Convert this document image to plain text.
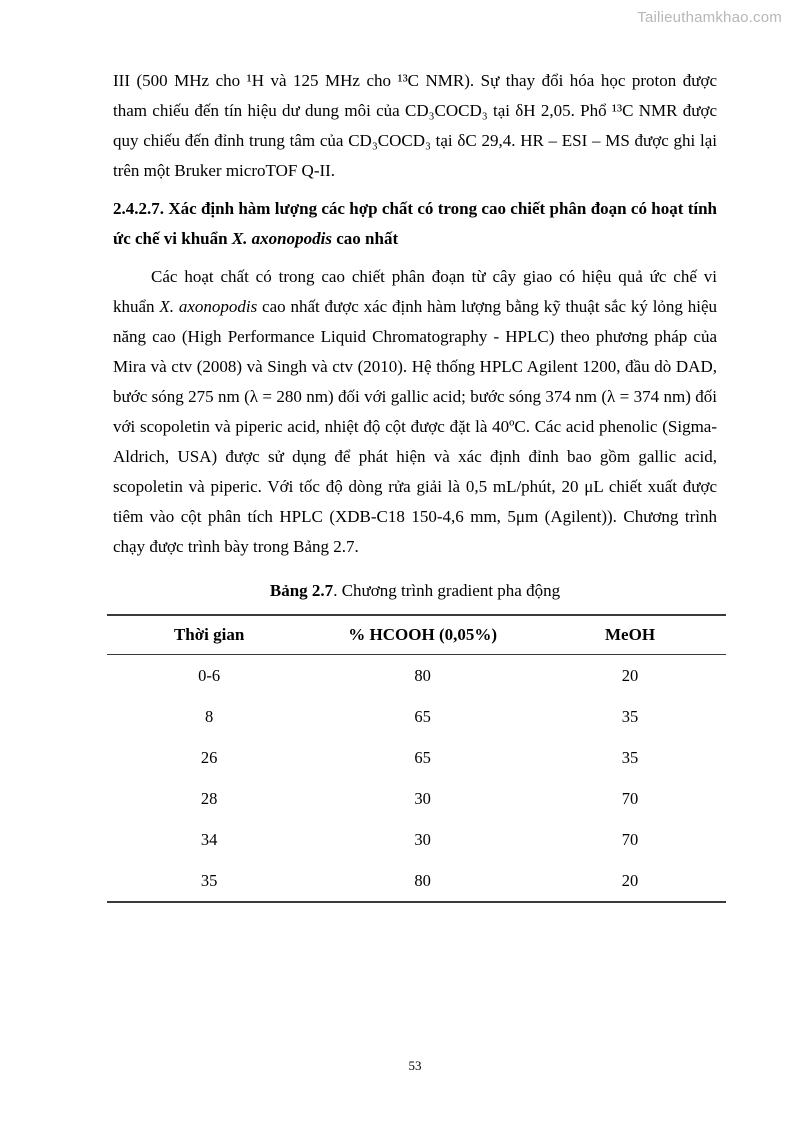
Tailieuthamkhao.com

III (500 MHz cho ¹H và 125 MHz cho ¹³C NMR). Sự thay đổi hóa học proton được tham chiếu đến tín hiệu dư dung môi của CD₃COCD₃ tại δH 2,05. Phổ ¹³C NMR được quy chiếu đến đỉnh trung tâm của CD₃COCD₃ tại δC 29,4. HR – ESI – MS được ghi lại trên một Bruker microTOF Q-II.

2.4.2.7. Xác định hàm lượng các hợp chất có trong cao chiết phân đoạn có hoạt tính ức chế vi khuẩn X. axonopodis cao nhất

Các hoạt chất có trong cao chiết phân đoạn từ cây giao có hiệu quả ức chế vi khuẩn X. axonopodis cao nhất được xác định hàm lượng bằng kỹ thuật sắc ký lỏng hiệu năng cao (High Performance Liquid Chromatography - HPLC) theo phương pháp của Mira và ctv (2008) và Singh và ctv (2010). Hệ thống HPLC Agilent 1200, đầu dò DAD, bước sóng 275 nm (λ = 280 nm) đối với gallic acid; bước sóng 374 nm (λ = 374 nm) đối với scopoletin và piperic acid, nhiệt độ cột được đặt là 40ºC. Các acid phenolic (Sigma-Aldrich, USA) được sử dụng để phát hiện và xác định đỉnh bao gồm gallic acid, scopoletin và piperic. Với tốc độ dòng rửa giải là 0,5 mL/phút, 20 μL chiết xuất được tiêm vào cột phân tích HPLC (XDB-C18 150-4,6 mm, 5μm (Agilent)). Chương trình chạy được trình bày trong Bảng 2.7.

Bảng 2.7. Chương trình gradient pha động

Thời gian	% HCOOH (0,05%)	MeOH
0-6	80	20
8	65	35
26	65	35
28	30	70
34	30	70
35	80	20
53
